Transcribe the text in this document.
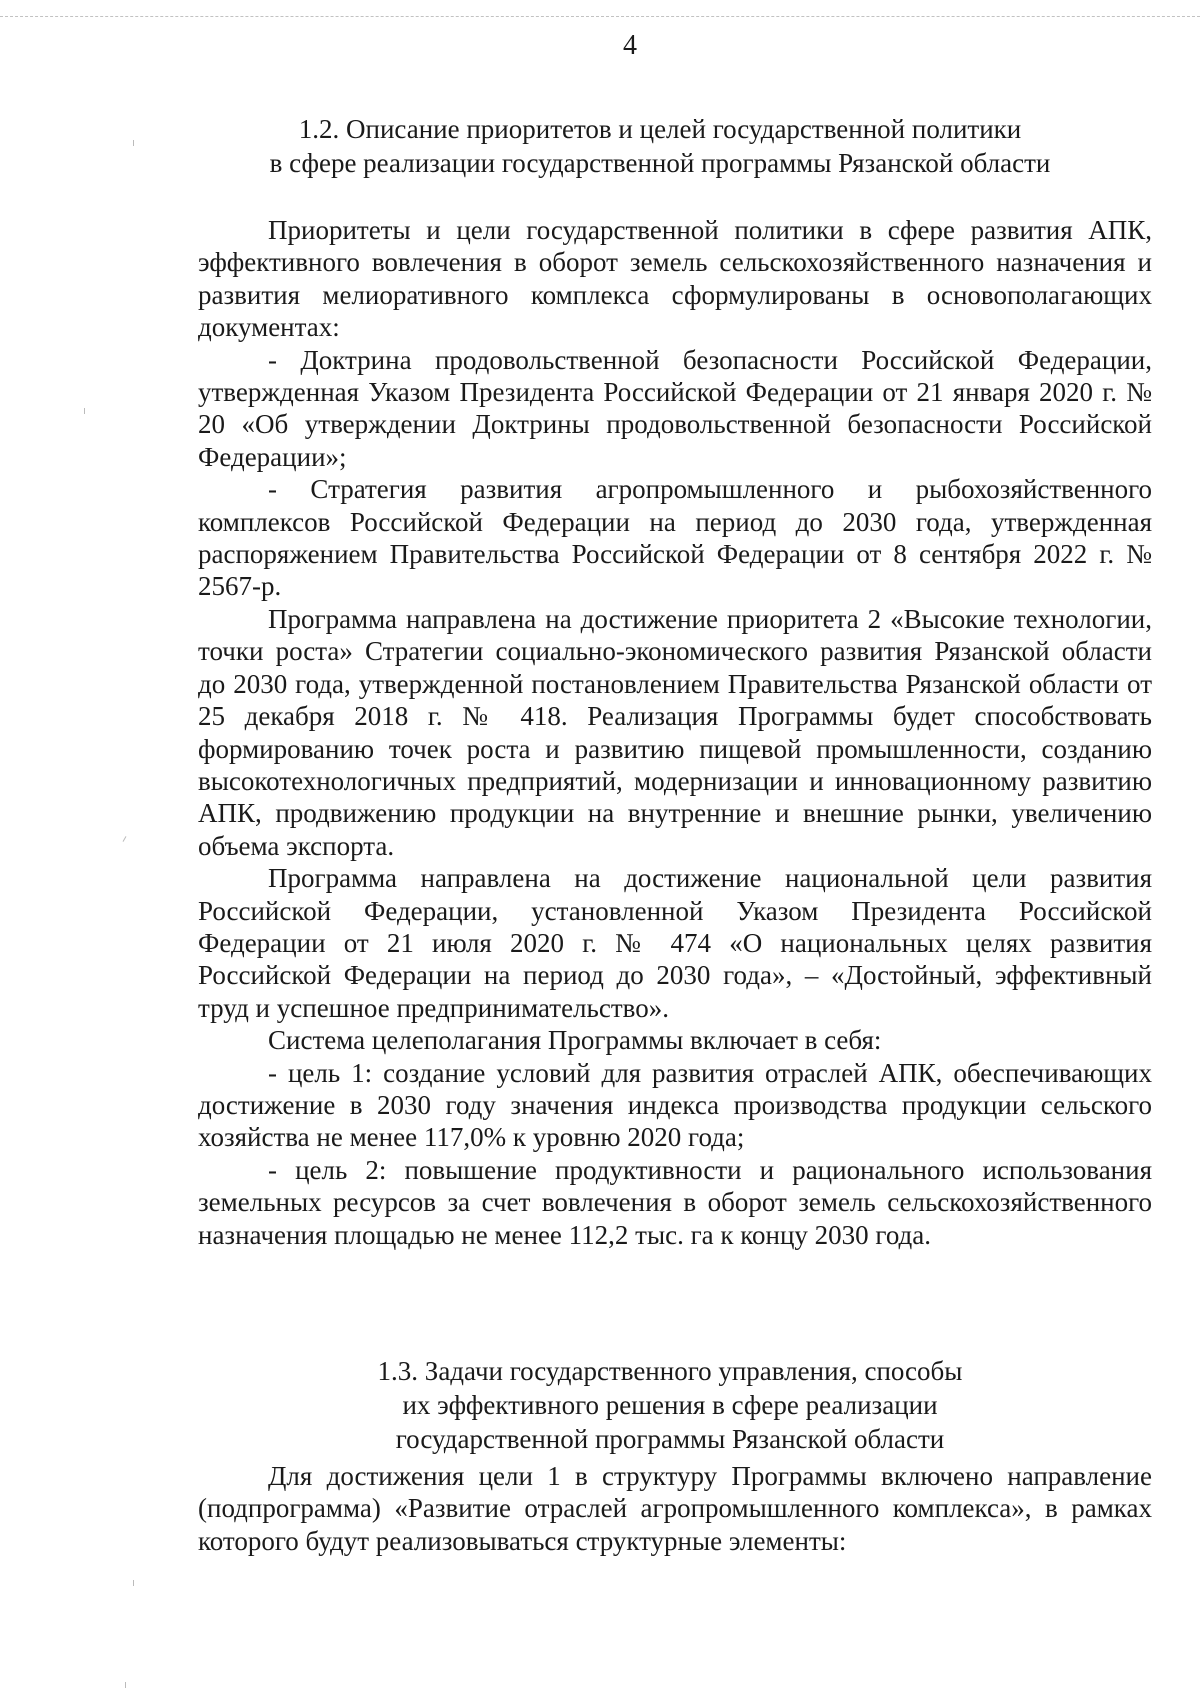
4
1.2. Описание приоритетов и целей государственной политики
в сфере реализации государственной программы Рязанской области

Приоритеты и цели государственной политики в сфере развития АПК, эффективного вовлечения в оборот земель сельскохозяйственного назначения и развития мелиоративного комплекса сформулированы в основополагающих документах:

- Доктрина продовольственной безопасности Российской Федерации, утвержденная Указом Президента Российской Федерации от 21 января 2020 г. № 20 «Об утверждении Доктрины продовольственной безопасности Российской Федерации»;

- Стратегия развития агропромышленного и рыбохозяйственного комплексов Российской Федерации на период до 2030 года, утвержденная распоряжением Правительства Российской Федерации от 8 сентября 2022 г. № 2567-р.

Программа направлена на достижение приоритета 2 «Высокие технологии, точки роста» Стратегии социально-экономического развития Рязанской области до 2030 года, утвержденной постановлением Правительства Рязанской области от 25 декабря 2018 г. № 418. Реализация Программы будет способствовать формированию точек роста и развитию пищевой промышленности, созданию высокотехнологичных предприятий, модернизации и инновационному развитию АПК, продвижению продукции на внутренние и внешние рынки, увеличению объема экспорта.

Программа направлена на достижение национальной цели развития Российской Федерации, установленной Указом Президента Российской Федерации от 21 июля 2020 г. № 474 «О национальных целях развития Российской Федерации на период до 2030 года», – «Достойный, эффективный труд и успешное предпринимательство».

Система целеполагания Программы включает в себя:

- цель 1: создание условий для развития отраслей АПК, обеспечивающих достижение в 2030 году значения индекса производства продукции сельского хозяйства не менее 117,0% к уровню 2020 года;

- цель 2: повышение продуктивности и рационального использования земельных ресурсов за счет вовлечения в оборот земель сельскохозяйственного назначения площадью не менее 112,2 тыс. га к концу 2030 года.

1.3. Задачи государственного управления, способы
их эффективного решения в сфере реализации
государственной программы Рязанской области

Для достижения цели 1 в структуру Программы включено направление (подпрограмма) «Развитие отраслей агропромышленного комплекса», в рамках которого будут реализовываться структурные элементы:
